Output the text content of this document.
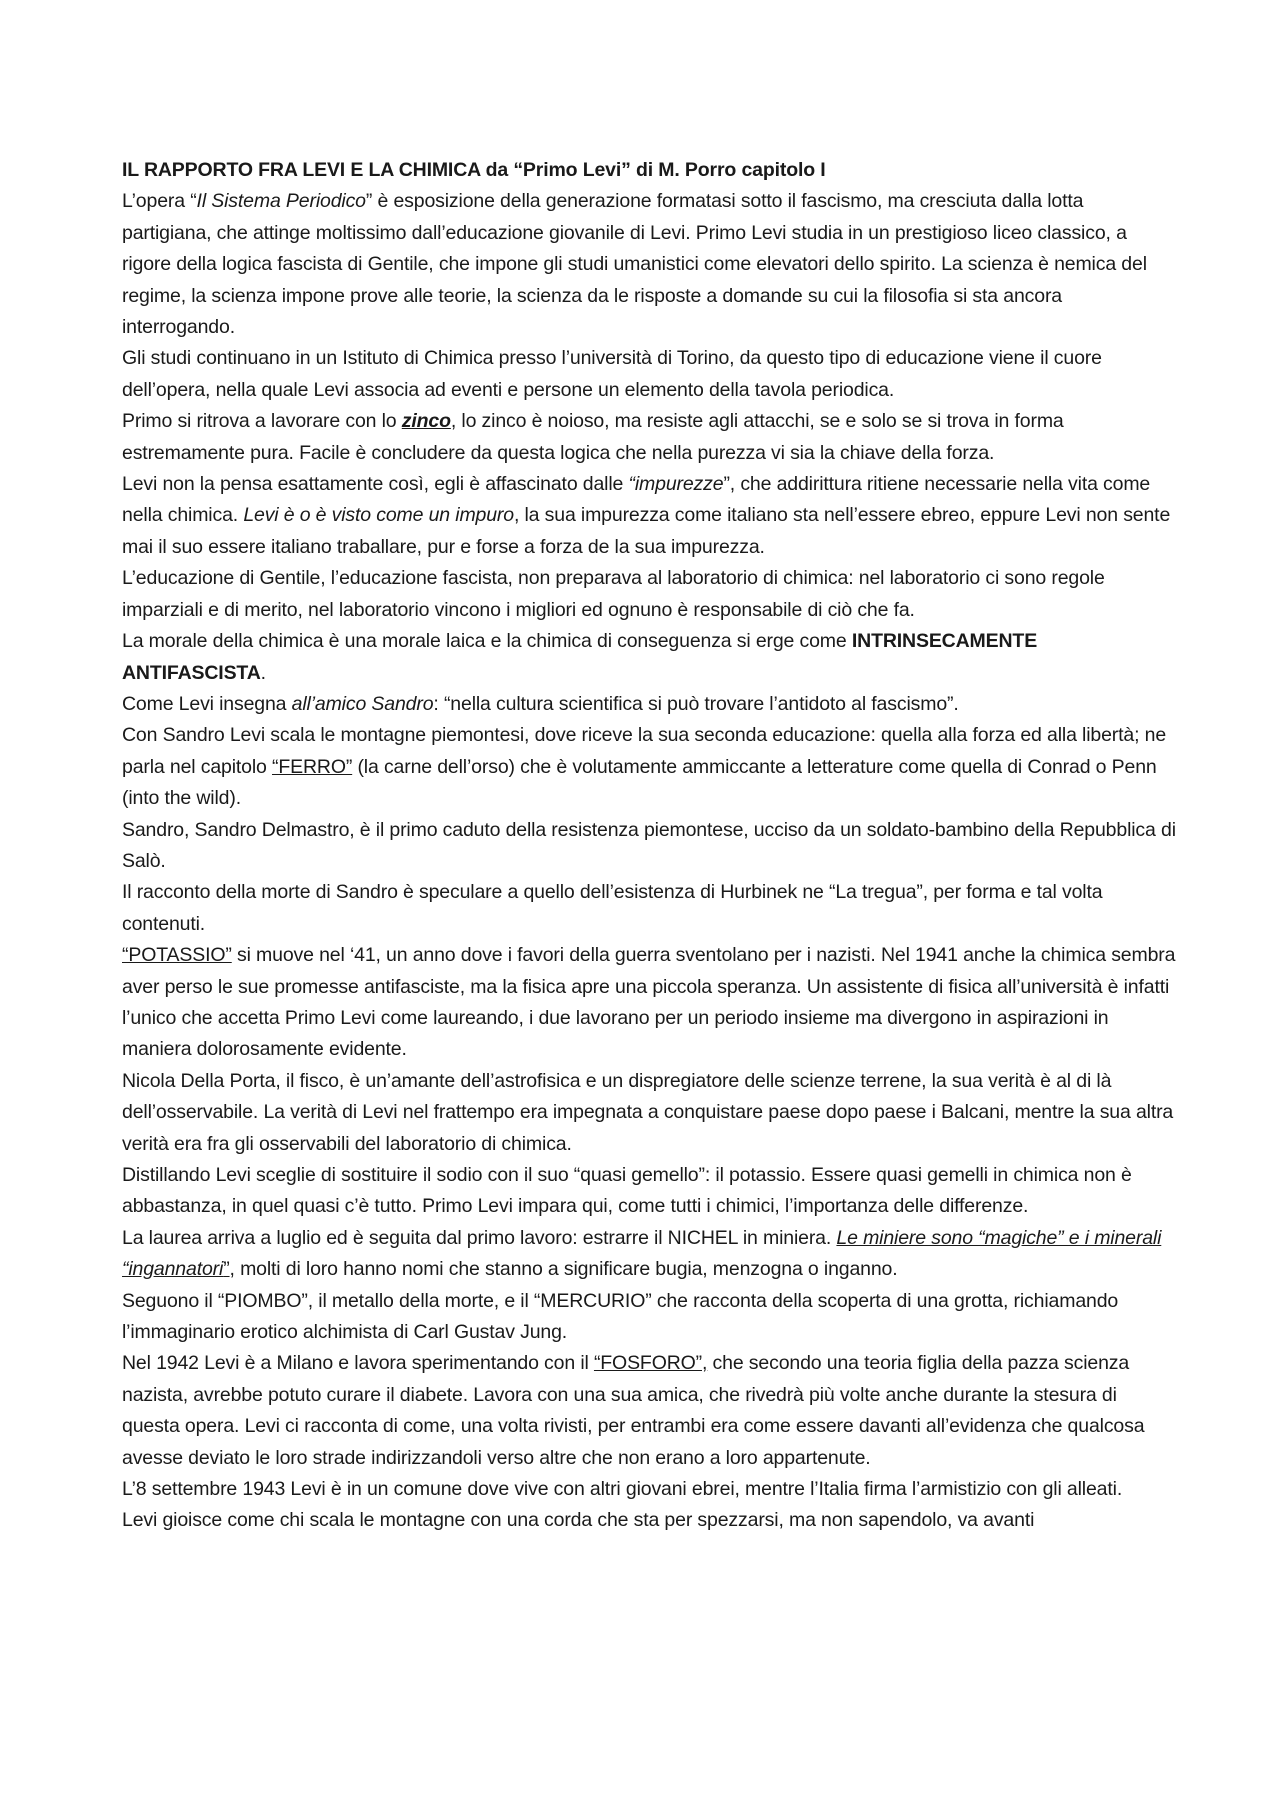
IL RAPPORTO FRA LEVI E LA CHIMICA da “Primo Levi” di M. Porro capitolo I

L’opera “Il Sistema Periodico” è esposizione della generazione formatasi sotto il fascismo, ma cresciuta dalla lotta partigiana, che attinge moltissimo dall’educazione giovanile di Levi. Primo Levi studia in un prestigioso liceo classico, a rigore della logica fascista di Gentile, che impone gli studi umanistici come elevatori dello spirito. La scienza è nemica del regime, la scienza impone prove alle teorie, la scienza da le risposte a domande su cui la filosofia si sta ancora interrogando.

Gli studi continuano in un Istituto di Chimica presso l’università di Torino, da questo tipo di educazione viene il cuore dell’opera, nella quale Levi associa ad eventi e persone un elemento della tavola periodica.

Primo si ritrova a lavorare con lo zinco, lo zinco è noioso, ma resiste agli attacchi, se e solo se si trova in forma estremamente pura. Facile è concludere da questa logica che nella purezza vi sia la chiave della forza.

Levi non la pensa esattamente così, egli è affascinato dalle “impurezze”, che addirittura ritiene necessarie nella vita come nella chimica. Levi è o è visto come un impuro, la sua impurezza come italiano sta nell’essere ebreo, eppure Levi non sente mai il suo essere italiano traballare, pur e forse a forza de la sua impurezza.

L’educazione di Gentile, l’educazione fascista, non preparava al laboratorio di chimica: nel laboratorio ci sono regole imparziali e di merito, nel laboratorio vincono i migliori ed ognuno è responsabile di ciò che fa.

La morale della chimica è una morale laica e la chimica di conseguenza si erge come INTRINSECAMENTE ANTIFASCISTA.

Come Levi insegna all’amico Sandro: “nella cultura scientifica si può trovare l’antidoto al fascismo”.

Con Sandro Levi scala le montagne piemontesi, dove riceve la sua seconda educazione: quella alla forza ed alla libertà; ne parla nel capitolo “FERRO” (la carne dell’orso) che è volutamente ammiccante a letterature come quella di Conrad o Penn (into the wild).

Sandro, Sandro Delmastro, è il primo caduto della resistenza piemontese, ucciso da un soldato-bambino della Repubblica di Salò.

Il racconto della morte di Sandro è speculare a quello dell’esistenza di Hurbinek ne “La tregua”, per forma e tal volta contenuti.

“POTASSIO” si muove nel ‘41, un anno dove i favori della guerra sventolano per i nazisti. Nel 1941 anche la chimica sembra aver perso le sue promesse antifasciste, ma la fisica apre una piccola speranza. Un assistente di fisica all’università è infatti l’unico che accetta Primo Levi come laureando, i due lavorano per un periodo insieme ma divergono in aspirazioni in maniera dolorosamente evidente.

Nicola Della Porta, il fisco, è un’amante dell’astrofisica e un dispregiatore delle scienze terrene, la sua verità è al di là dell’osservabile. La verità di Levi nel frattempo era impegnata a conquistare paese dopo paese i Balcani, mentre la sua altra verità era fra gli osservabili del laboratorio di chimica.

Distillando Levi sceglie di sostituire il sodio con il suo “quasi gemello”: il potassio. Essere quasi gemelli in chimica non è abbastanza, in quel quasi c’è tutto. Primo Levi impara qui, come tutti i chimici, l’importanza delle differenze.

La laurea arriva a luglio ed è seguita dal primo lavoro: estrarre il NICHEL in miniera. Le miniere sono “magiche” e i minerali “ingannatori”, molti di loro hanno nomi che stanno a significare bugia, menzogna o inganno.

Seguono il “PIOMBO”, il metallo della morte, e il “MERCURIO” che racconta della scoperta di una grotta, richiamando l’immaginario erotico alchimista di Carl Gustav Jung.

Nel 1942 Levi è a Milano e lavora sperimentando con il “FOSFORO”, che secondo una teoria figlia della pazza scienza nazista, avrebbe potuto curare il diabete. Lavora con una sua amica, che rivedrà più volte anche durante la stesura di questa opera. Levi ci racconta di come, una volta rivisti, per entrambi era come essere davanti all’evidenza che qualcosa avesse deviato le loro strade indirizzandoli verso altre che non erano a loro appartenute.

L’8 settembre 1943 Levi è in un comune dove vive con altri giovani ebrei, mentre l’Italia firma l’armistizio con gli alleati.

Levi gioisce come chi scala le montagne con una corda che sta per spezzarsi, ma non sapendolo, va avanti
